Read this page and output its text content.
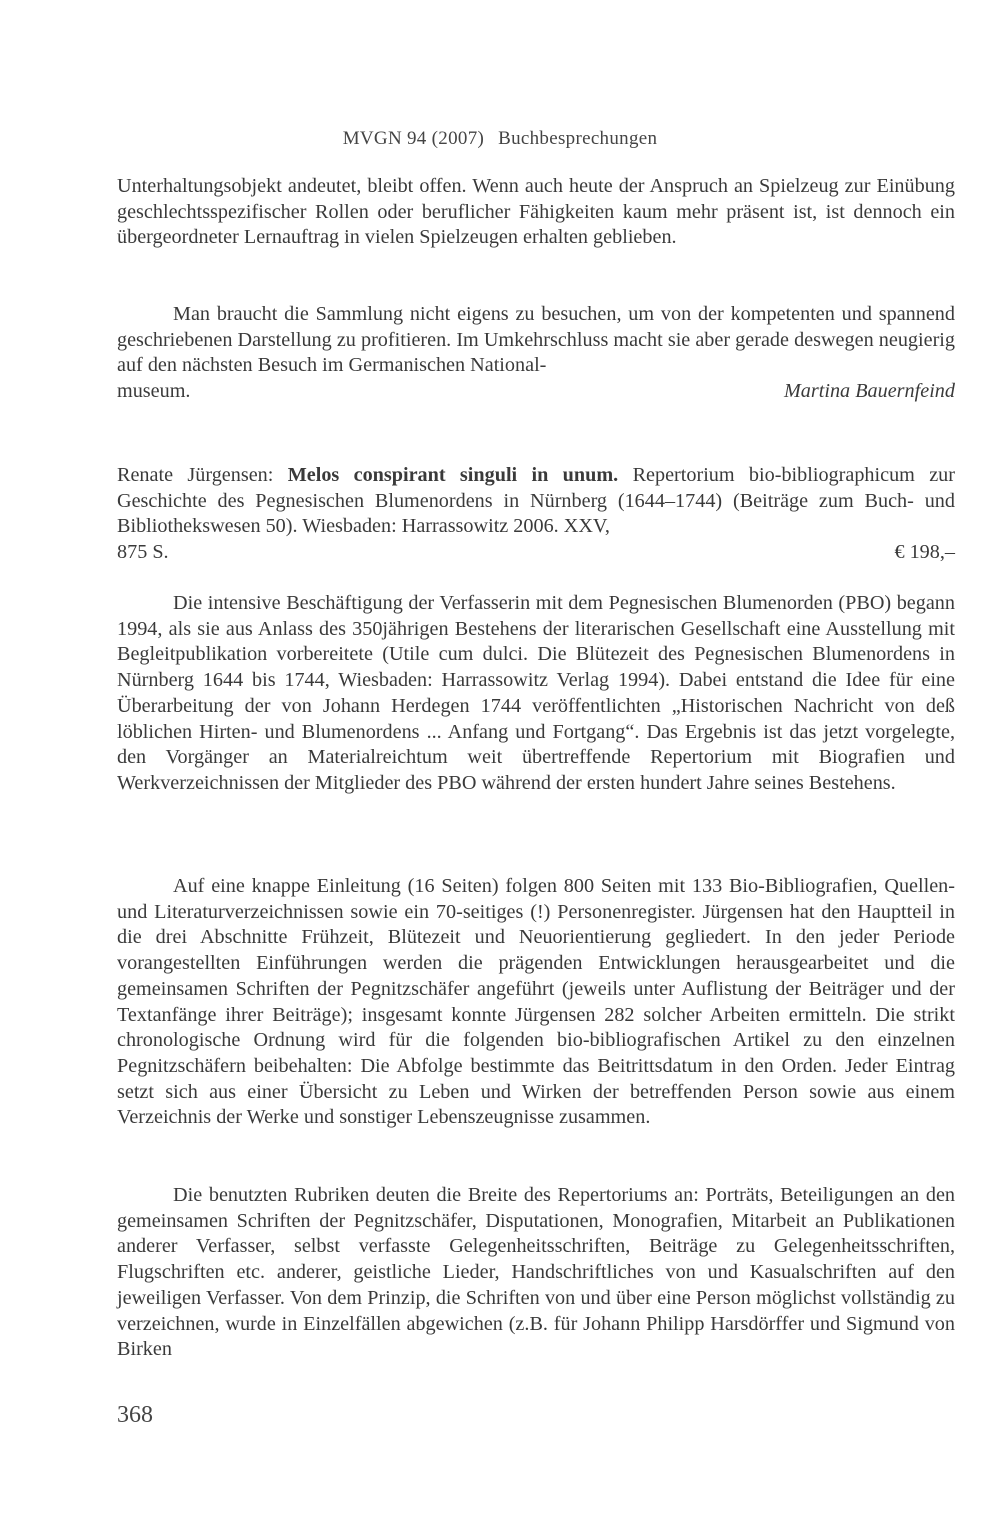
MVGN 94 (2007) Buchbesprechungen

Unterhaltungsobjekt andeutet, bleibt offen. Wenn auch heute der Anspruch an Spielzeug zur Einübung geschlechtsspezifischer Rollen oder beruflicher Fähigkeiten kaum mehr präsent ist, ist dennoch ein übergeordneter Lernauftrag in vielen Spielzeugen erhalten geblieben.

Man braucht die Sammlung nicht eigens zu besuchen, um von der kompetenten und spannend geschriebenen Darstellung zu profitieren. Im Umkehrschluss macht sie aber gerade deswegen neugierig auf den nächsten Besuch im Germanischen National-

museum.	Martina Bauernfeind

Renate Jürgensen: Melos conspirant singuli in unum. Repertorium bio-bibliographicum zur Geschichte des Pegnesischen Blumenordens in Nürnberg (1644–1744) (Beiträge zum Buch- und Bibliothekswesen 50). Wiesbaden: Harrassowitz 2006. XXV,

875 S.	€ 198,–

Die intensive Beschäftigung der Verfasserin mit dem Pegnesischen Blumenorden (PBO) begann 1994, als sie aus Anlass des 350jährigen Bestehens der literarischen Gesellschaft eine Ausstellung mit Begleitpublikation vorbereitete (Utile cum dulci. Die Blütezeit des Pegnesischen Blumenordens in Nürnberg 1644 bis 1744, Wiesbaden: Harrassowitz Verlag 1994). Dabei entstand die Idee für eine Überarbeitung der von Johann Herdegen 1744 veröffentlichten „Historischen Nachricht von deß löblichen Hirten- und Blumenordens ... Anfang und Fortgang“. Das Ergebnis ist das jetzt vorgelegte, den Vorgänger an Materialreichtum weit übertreffende Repertorium mit Biografien und Werkverzeichnissen der Mitglieder des PBO während der ersten hundert Jahre seines Bestehens.

Auf eine knappe Einleitung (16 Seiten) folgen 800 Seiten mit 133 Bio-Bibliografien, Quellen- und Literaturverzeichnissen sowie ein 70-seitiges (!) Personenregister. Jürgensen hat den Hauptteil in die drei Abschnitte Frühzeit, Blütezeit und Neuorientierung gegliedert. In den jeder Periode vorangestellten Einführungen werden die prägenden Entwicklungen herausgearbeitet und die gemeinsamen Schriften der Pegnitzschäfer angeführt (jeweils unter Auflistung der Beiträger und der Textanfänge ihrer Beiträge); insgesamt konnte Jürgensen 282 solcher Arbeiten ermitteln. Die strikt chronologische Ordnung wird für die folgenden bio-bibliografischen Artikel zu den einzelnen Pegnitzschäfern beibehalten: Die Abfolge bestimmte das Beitrittsdatum in den Orden. Jeder Eintrag setzt sich aus einer Übersicht zu Leben und Wirken der betreffenden Person sowie aus einem Verzeichnis der Werke und sonstiger Lebenszeugnisse zusammen.

Die benutzten Rubriken deuten die Breite des Repertoriums an: Porträts, Beteiligungen an den gemeinsamen Schriften der Pegnitzschäfer, Disputationen, Monografien, Mitarbeit an Publikationen anderer Verfasser, selbst verfasste Gelegenheitsschriften, Beiträge zu Gelegenheitsschriften, Flugschriften etc. anderer, geistliche Lieder, Handschriftliches von und Kasualschriften auf den jeweiligen Verfasser. Von dem Prinzip, die Schriften von und über eine Person möglichst vollständig zu verzeichnen, wurde in Einzelfällen abgewichen (z.B. für Johann Philipp Harsdörffer und Sigmund von Birken

368
